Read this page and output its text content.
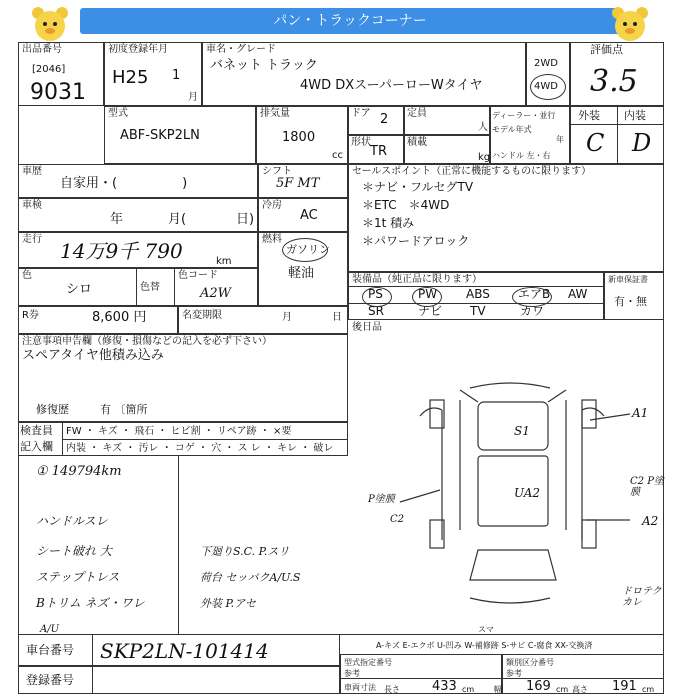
パン・トラックコーナー
出品番号
[2046]
9031
初度登録年月
H25 1
月
車名・グレード
バネット トラック
4WD DXスーパーローWタイヤ
2WD
4WD
評価点
3.5
型式
ABF-SKP2LN
排気量
1800
cc
ドア 2 定員
人
形状
TR
積載
kg
ディーラー・並行
モデル年式
年
ハンドル 左・右
外装 内装
C D
車歴
自家用・(　　　　　)
車検
年	月(	日)
走行 14万9千 790	km
色
シロ	色替
色コード
A2W
シフト
5F MT
冷房
AC
燃料
ガソリン
軽油
セールスポイント（正常に機能するものに限ります）
＊ナビ・フルセグTV
＊ETC　＊4WD
＊1t 積み
＊パワードアロック
装備品（純正品に限ります）
PS	PW ABS エアB AW
SR	ナビ TV	カワ
新車保証書
有・無
後日品
R券	8,600 円	名変期限	月	日
注意事項申告欄（修復・損傷などの記入を必ず下さい）
スペアタイヤ他積み込み
修復歴	有 〔箇所
検査員
記入欄
FW ・ キズ ・ 飛石 ・ ヒビ割 ・ リペア跡 ・ ×要
内装 ・ キズ ・ 汚レ ・ コゲ ・ 穴 ・ ス レ ・ キレ ・ 破レ
① 149794km
ハンドルスレ
シート破れ 大
ステップトレス
Bトリム ネズ・ワレ
A/U
下廻りS.C. P.スリ
荷台 セッパクA/U.S
外装 P.アセ
A1
S1
UA2
C2 P塗膜
A2
P塗膜
C2
ドロテク カレ
スマ
車台番号 SKP2LN-101414
登録番号
A-キズ E-エクボ U-凹み W-補修跡 S-サビ C-腐食 XX-交換済
型式指定番号
参考
類別区分番号
参考
車両寸法 長さ 433 cm 幅 169 cm 高さ 191 cm
